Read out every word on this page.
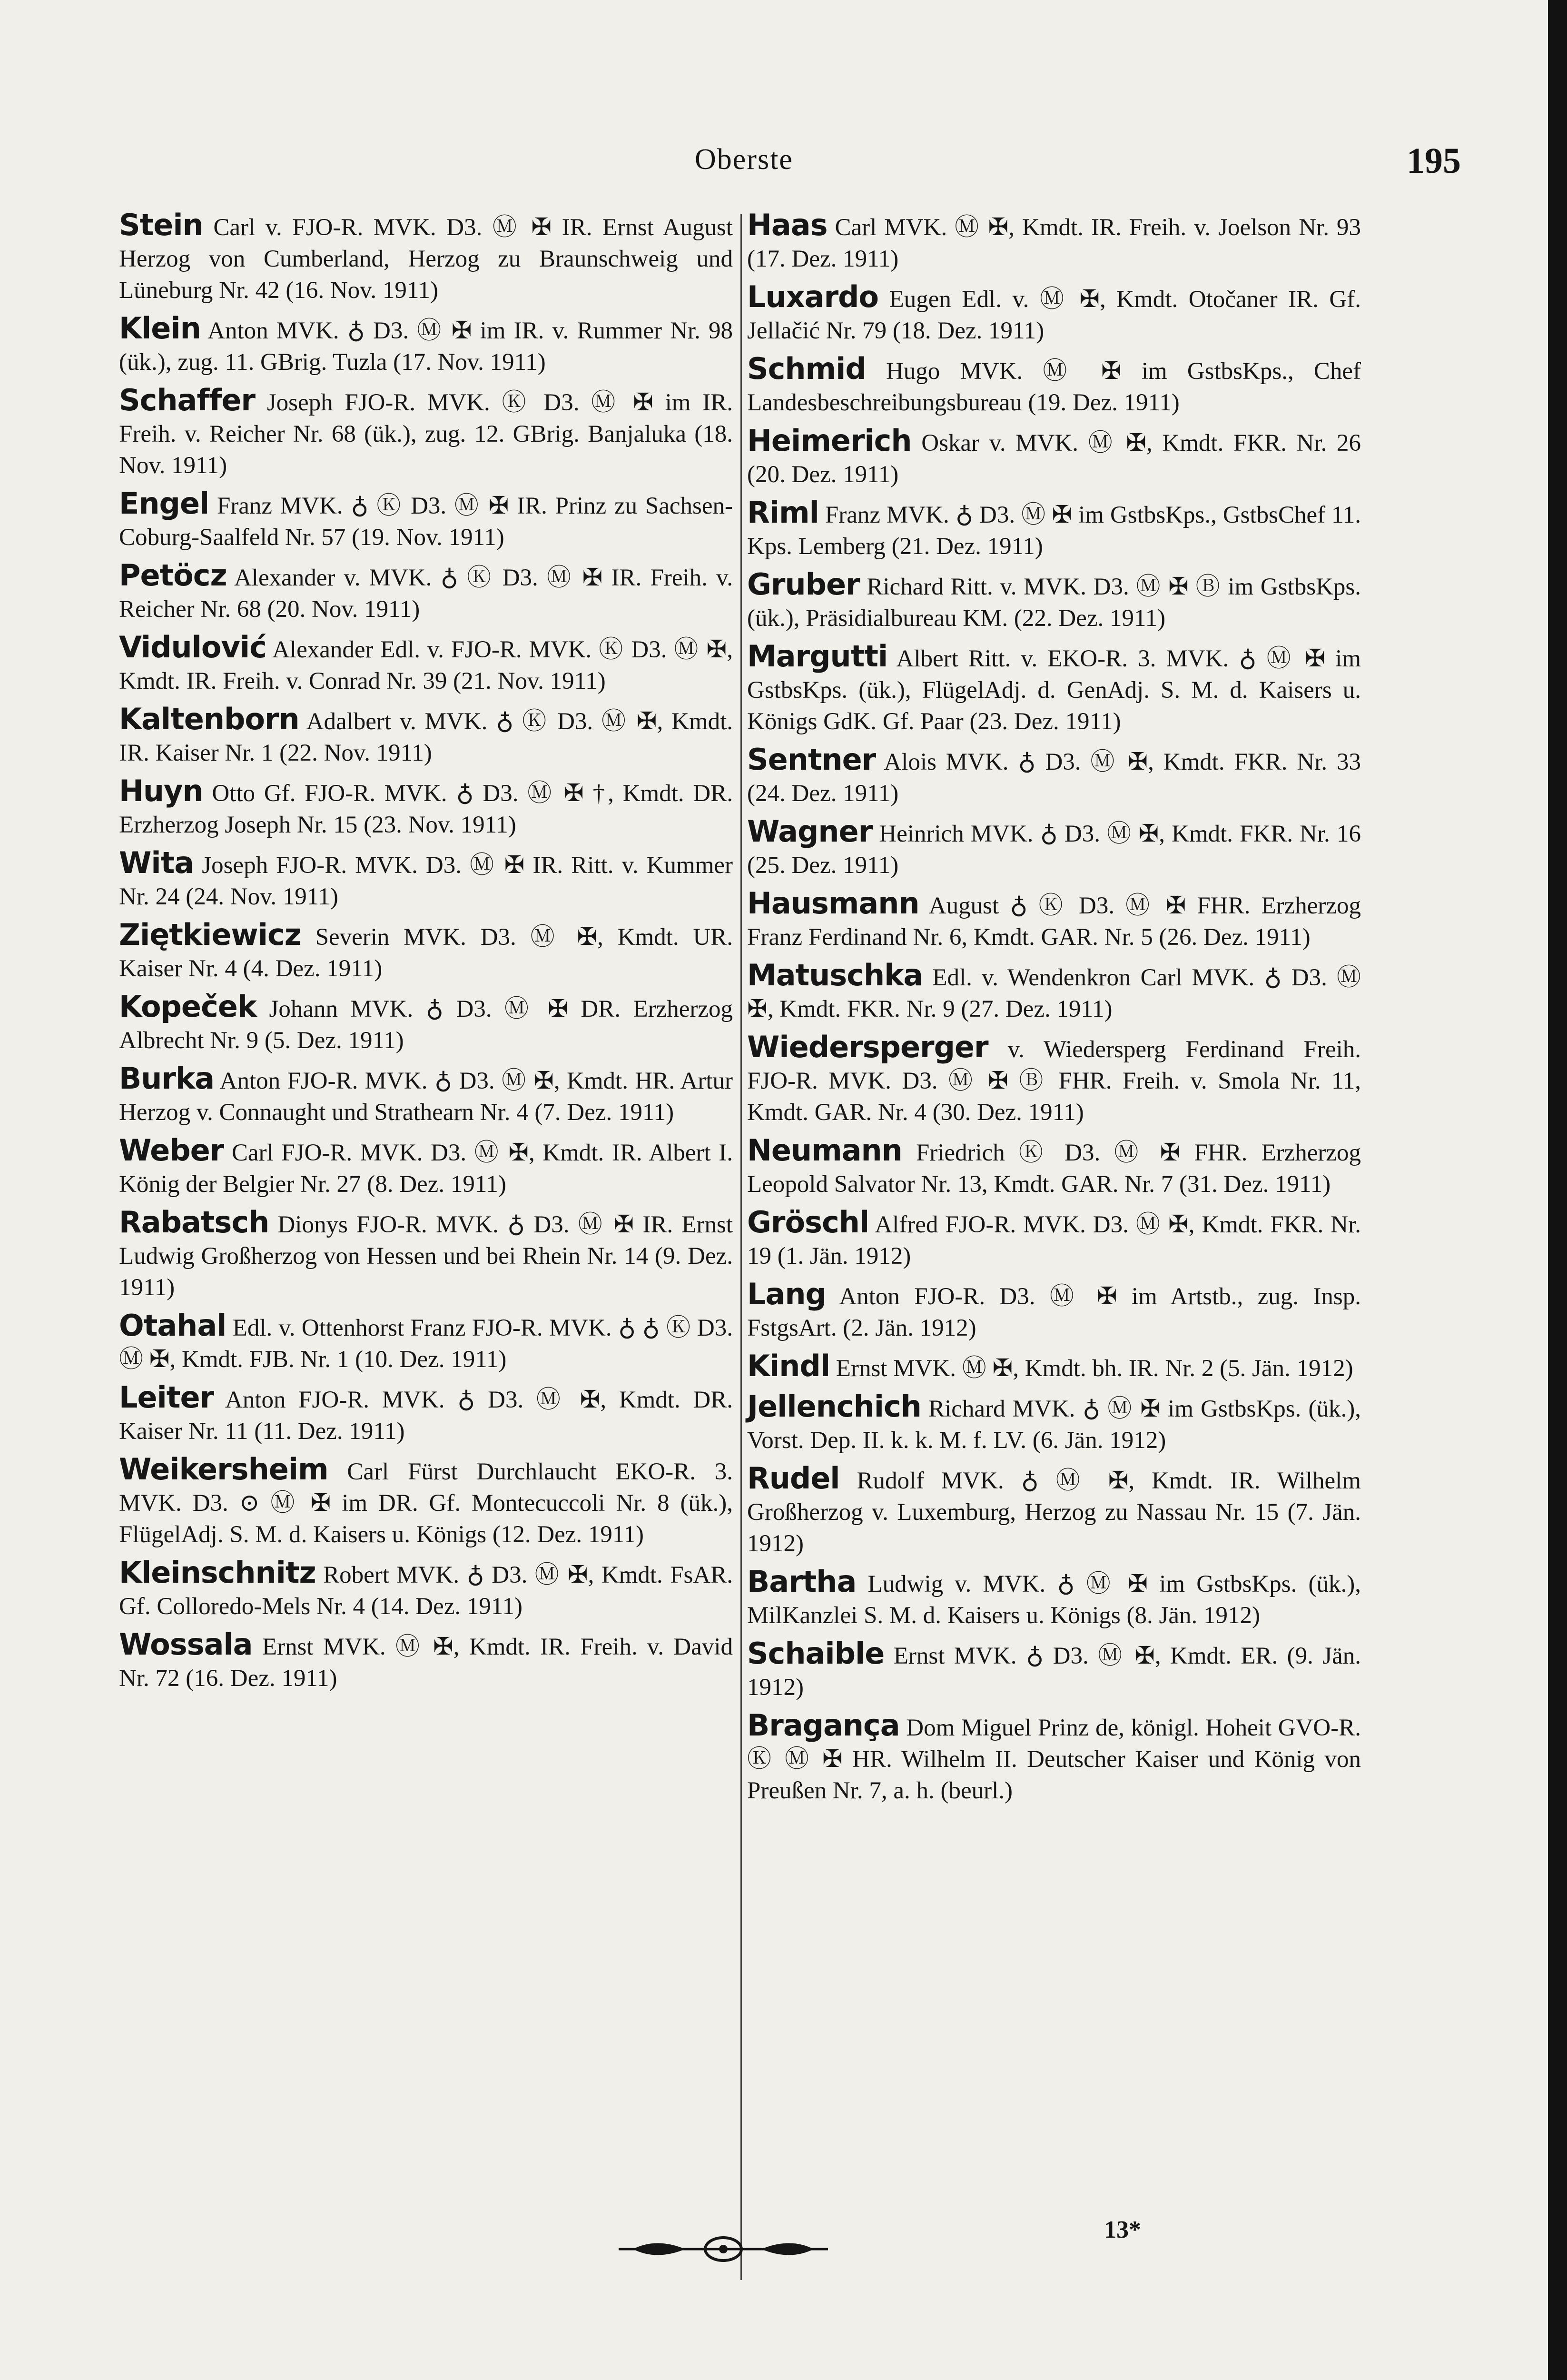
Oberste	195

Stein Carl v. FJO-R. MVK. D3. Ⓜ ✠ IR. Ernst August Herzog von Cumberland, Herzog zu Braunschweig und Lüneburg Nr. 42 (16. Nov. 1911)

Klein Anton MVK. ♁ D3. Ⓜ ✠ im IR. v. Rummer Nr. 98 (ük.), zug. 11. GBrig. Tuzla (17. Nov. 1911)

Schaffer Joseph FJO-R. MVK. Ⓚ D3. Ⓜ ✠ im IR. Freih. v. Reicher Nr. 68 (ük.), zug. 12. GBrig. Banjaluka (18. Nov. 1911)

Engel Franz MVK. ♁ Ⓚ D3. Ⓜ ✠ IR. Prinz zu Sachsen-Coburg-Saalfeld Nr. 57 (19. Nov. 1911)

Petöcz Alexander v. MVK. ♁ Ⓚ D3. Ⓜ ✠ IR. Freih. v. Reicher Nr. 68 (20. Nov. 1911)

Vidulović Alexander Edl. v. FJO-R. MVK. Ⓚ D3. Ⓜ ✠, Kmdt. IR. Freih. v. Conrad Nr. 39 (21. Nov. 1911)

Kaltenborn Adalbert v. MVK. ♁ Ⓚ D3. Ⓜ ✠, Kmdt. IR. Kaiser Nr. 1 (22. Nov. 1911)

Huyn Otto Gf. FJO-R. MVK. ♁ D3. Ⓜ ✠ †, Kmdt. DR. Erzherzog Joseph Nr. 15 (23. Nov. 1911)

Wita Joseph FJO-R. MVK. D3. Ⓜ ✠ IR. Ritt. v. Kummer Nr. 24 (24. Nov. 1911)

Ziętkiewicz Severin MVK. D3. Ⓜ ✠, Kmdt. UR. Kaiser Nr. 4 (4. Dez. 1911)

Kopeček Johann MVK. ♁ D3. Ⓜ ✠ DR. Erzherzog Albrecht Nr. 9 (5. Dez. 1911)

Burka Anton FJO-R. MVK. ♁ D3. Ⓜ ✠, Kmdt. HR. Artur Herzog v. Connaught und Strathearn Nr. 4 (7. Dez. 1911)

Weber Carl FJO-R. MVK. D3. Ⓜ ✠, Kmdt. IR. Albert I. König der Belgier Nr. 27 (8. Dez. 1911)

Rabatsch Dionys FJO-R. MVK. ♁ D3. Ⓜ ✠ IR. Ernst Ludwig Großherzog von Hessen und bei Rhein Nr. 14 (9. Dez. 1911)

Otahal Edl. v. Ottenhorst Franz FJO-R. MVK. ♁ ♁ Ⓚ D3. Ⓜ ✠, Kmdt. FJB. Nr. 1 (10. Dez. 1911)

Leiter Anton FJO-R. MVK. ♁ D3. Ⓜ ✠, Kmdt. DR. Kaiser Nr. 11 (11. Dez. 1911)

Weikersheim Carl Fürst Durchlaucht EKO-R. 3. MVK. D3. ⊙ Ⓜ ✠ im DR. Gf. Montecuccoli Nr. 8 (ük.), FlügelAdj. S. M. d. Kaisers u. Königs (12. Dez. 1911)

Kleinschnitz Robert MVK. ♁ D3. Ⓜ ✠, Kmdt. FsAR. Gf. Colloredo-Mels Nr. 4 (14. Dez. 1911)

Wossala Ernst MVK. Ⓜ ✠, Kmdt. IR. Freih. v. David Nr. 72 (16. Dez. 1911)

Haas Carl MVK. Ⓜ ✠, Kmdt. IR. Freih. v. Joelson Nr. 93 (17. Dez. 1911)

Luxardo Eugen Edl. v. Ⓜ ✠, Kmdt. Otočaner IR. Gf. Jellačić Nr. 79 (18. Dez. 1911)

Schmid Hugo MVK. Ⓜ ✠ im GstbsKps., Chef Landesbeschreibungsbureau (19. Dez. 1911)

Heimerich Oskar v. MVK. Ⓜ ✠, Kmdt. FKR. Nr. 26 (20. Dez. 1911)

Riml Franz MVK. ♁ D3. Ⓜ ✠ im GstbsKps., GstbsChef 11. Kps. Lemberg (21. Dez. 1911)

Gruber Richard Ritt. v. MVK. D3. Ⓜ ✠ Ⓑ im GstbsKps. (ük.), Präsidialbureau KM. (22. Dez. 1911)

Margutti Albert Ritt. v. EKO-R. 3. MVK. ♁ Ⓜ ✠ im GstbsKps. (ük.), FlügelAdj. d. GenAdj. S. M. d. Kaisers u. Königs GdK. Gf. Paar (23. Dez. 1911)

Sentner Alois MVK. ♁ D3. Ⓜ ✠, Kmdt. FKR. Nr. 33 (24. Dez. 1911)

Wagner Heinrich MVK. ♁ D3. Ⓜ ✠, Kmdt. FKR. Nr. 16 (25. Dez. 1911)

Hausmann August ♁ Ⓚ D3. Ⓜ ✠ FHR. Erzherzog Franz Ferdinand Nr. 6, Kmdt. GAR. Nr. 5 (26. Dez. 1911)

Matuschka Edl. v. Wendenkron Carl MVK. ♁ D3. Ⓜ ✠, Kmdt. FKR. Nr. 9 (27. Dez. 1911)

Wiedersperger v. Wiedersperg Ferdinand Freih. FJO-R. MVK. D3. Ⓜ ✠ Ⓑ FHR. Freih. v. Smola Nr. 11, Kmdt. GAR. Nr. 4 (30. Dez. 1911)

Neumann Friedrich Ⓚ D3. Ⓜ ✠ FHR. Erzherzog Leopold Salvator Nr. 13, Kmdt. GAR. Nr. 7 (31. Dez. 1911)

Gröschl Alfred FJO-R. MVK. D3. Ⓜ ✠, Kmdt. FKR. Nr. 19 (1. Jän. 1912)

Lang Anton FJO-R. D3. Ⓜ ✠ im Artstb., zug. Insp. FstgsArt. (2. Jän. 1912)

Kindl Ernst MVK. Ⓜ ✠, Kmdt. bh. IR. Nr. 2 (5. Jän. 1912)

Jellenchich Richard MVK. ♁ Ⓜ ✠ im GstbsKps. (ük.), Vorst. Dep. II. k. k. M. f. LV. (6. Jän. 1912)

Rudel Rudolf MVK. ♁ Ⓜ ✠, Kmdt. IR. Wilhelm Großherzog v. Luxemburg, Herzog zu Nassau Nr. 15 (7. Jän. 1912)

Bartha Ludwig v. MVK. ♁ Ⓜ ✠ im GstbsKps. (ük.), MilKanzlei S. M. d. Kaisers u. Königs (8. Jän. 1912)

Schaible Ernst MVK. ♁ D3. Ⓜ ✠, Kmdt. ER. (9. Jän. 1912)

Bragança Dom Miguel Prinz de, königl. Hoheit GVO-R. Ⓚ Ⓜ ✠ HR. Wilhelm II. Deutscher Kaiser und König von Preußen Nr. 7, a. h. (beurl.)

13*
